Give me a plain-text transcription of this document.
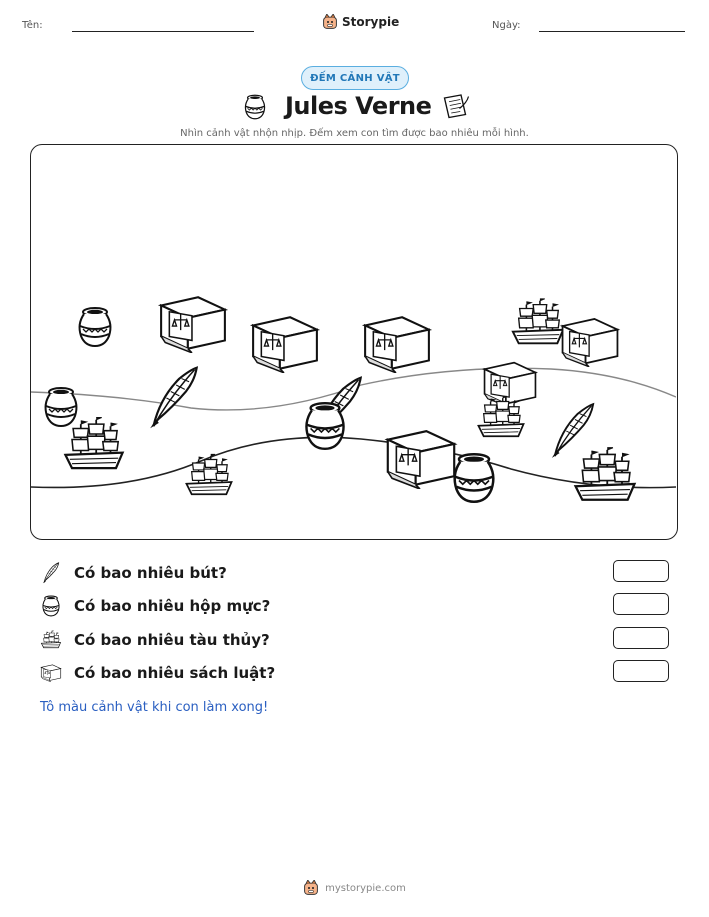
Tên:	Storypie	Ngày:
ĐẾM CẢNH VẬT
Jules Verne
Nhìn cảnh vật nhộn nhịp. Đếm xem con tìm được bao nhiêu mỗi hình.
Có bao nhiêu bút?
Có bao nhiêu hộp mực?
Có bao nhiêu tàu thủy?
Có bao nhiêu sách luật?
Tô màu cảnh vật khi con làm xong!
mystorypie.com
